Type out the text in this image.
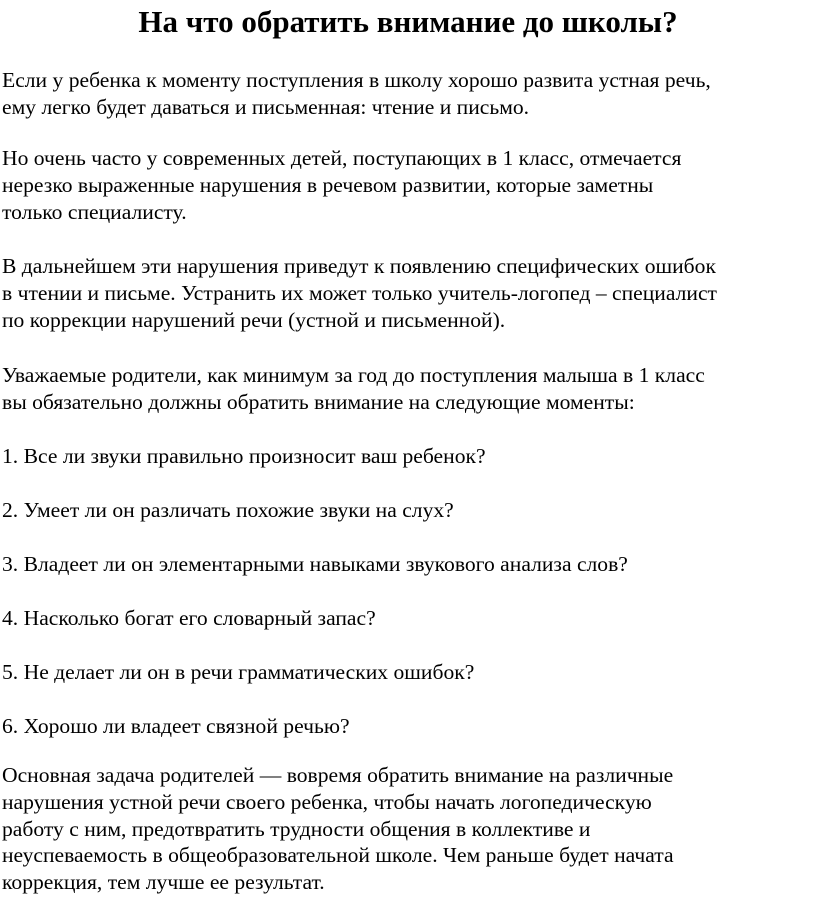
На что обратить внимание до школы?

Если у ребенка к моменту поступления в школу хорошо развита устная речь,
ему легко будет даваться и письменная: чтение и письмо.

Но очень часто у современных детей, поступающих в 1 класс, отмечается
нерезко выраженные нарушения в речевом развитии, которые заметны
только специалисту.

В дальнейшем эти нарушения приведут к появлению специфических ошибок
в чтении и письме. Устранить их может только учитель-логопед – специалист
по коррекции нарушений речи (устной и письменной).

Уважаемые родители, как минимум за год до поступления малыша в 1 класс
вы обязательно должны обратить внимание на следующие моменты:

1. Все ли звуки правильно произносит ваш ребенок?

2. Умеет ли он различать похожие звуки на слух?

3. Владеет ли он элементарными навыками звукового анализа слов?

4. Насколько богат его словарный запас?

5. Не делает ли он в речи грамматических ошибок?

6. Хорошо ли владеет связной речью?

Основная задача родителей — вовремя обратить внимание на различные
нарушения устной речи своего ребенка, чтобы начать логопедическую
работу с ним, предотвратить трудности общения в коллективе и
неуспеваемость в общеобразовательной школе. Чем раньше будет начата
коррекция, тем лучше ее результат.
